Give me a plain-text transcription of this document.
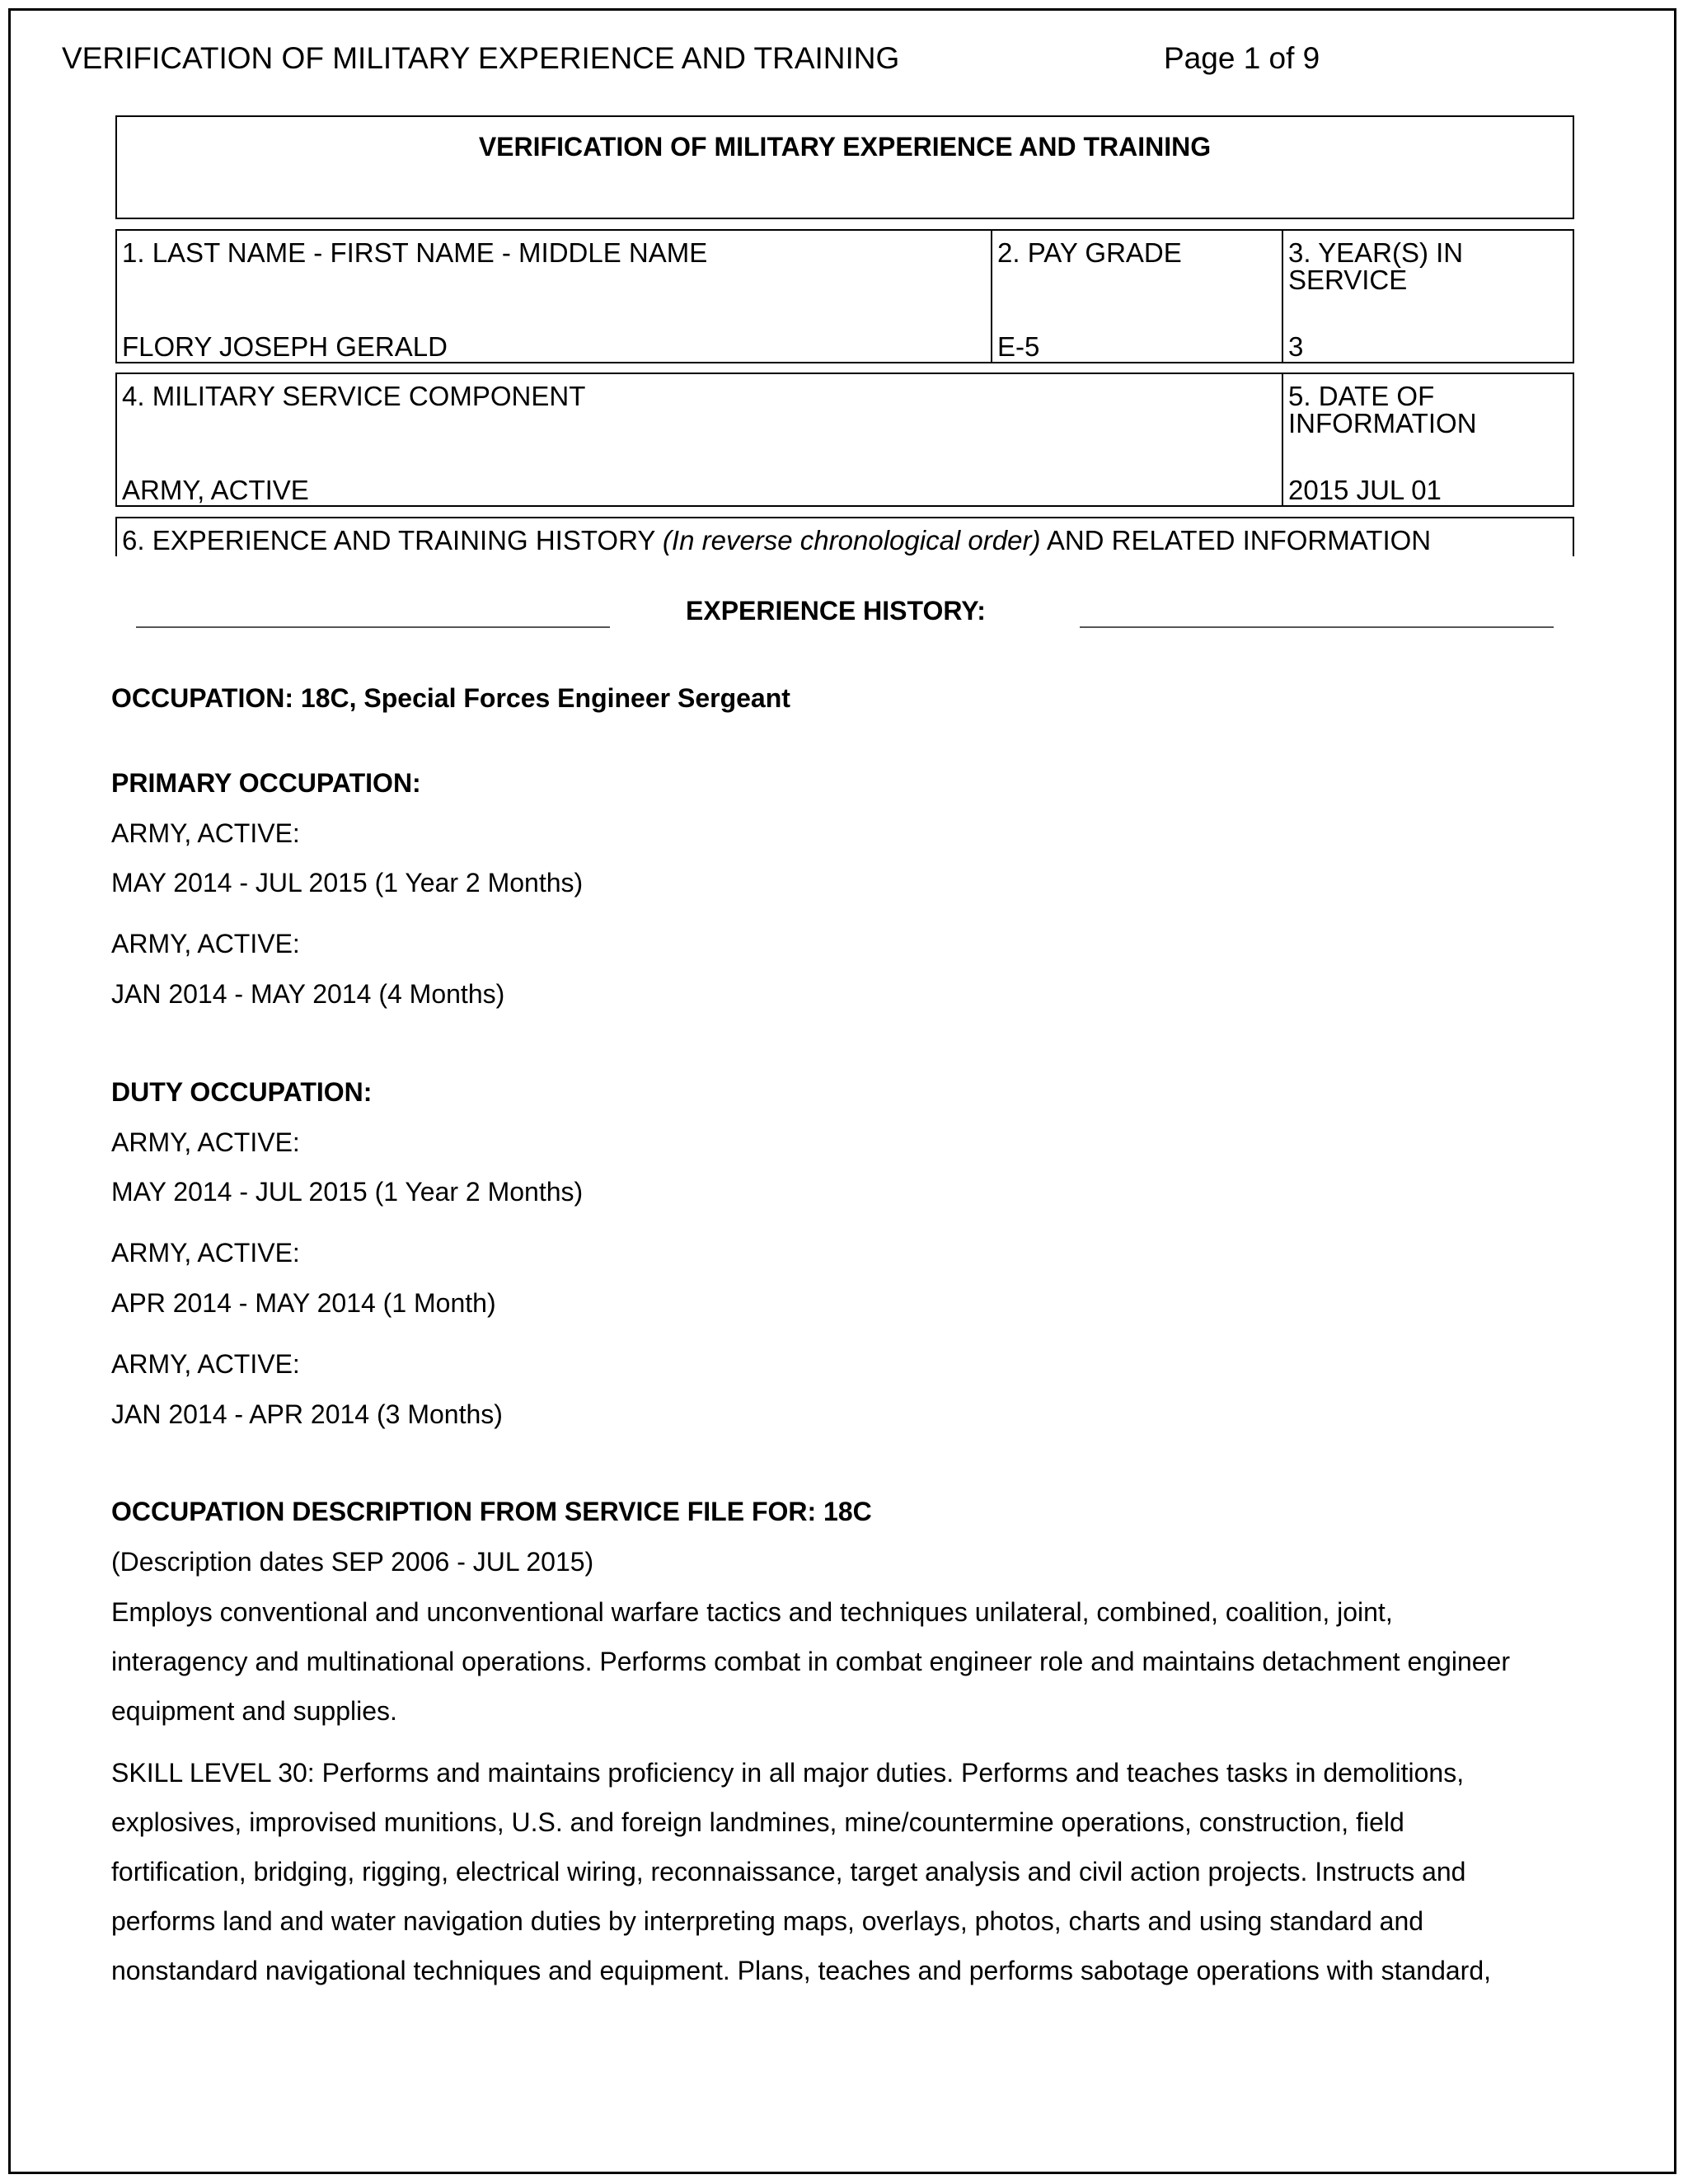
VERIFICATION OF MILITARY EXPERIENCE AND TRAINING	Page 1 of 9
VERIFICATION OF MILITARY EXPERIENCE AND TRAINING
1. LAST NAME - FIRST NAME - MIDDLE NAME
FLORY JOSEPH GERALD
2. PAY GRADE
E-5
3. YEAR(S) IN
SERVICE
3
4. MILITARY SERVICE COMPONENT
ARMY, ACTIVE
5. DATE OF
INFORMATION
2015 JUL 01
6. EXPERIENCE AND TRAINING HISTORY (In reverse chronological order) AND RELATED INFORMATION
EXPERIENCE HISTORY:
OCCUPATION: 18C, Special Forces Engineer Sergeant
PRIMARY OCCUPATION:
ARMY, ACTIVE:
MAY 2014 - JUL 2015 (1 Year 2 Months)
ARMY, ACTIVE:
JAN 2014 - MAY 2014 (4 Months)
DUTY OCCUPATION:
ARMY, ACTIVE:
MAY 2014 - JUL 2015 (1 Year 2 Months)
ARMY, ACTIVE:
APR 2014 - MAY 2014 (1 Month)
ARMY, ACTIVE:
JAN 2014 - APR 2014 (3 Months)
OCCUPATION DESCRIPTION FROM SERVICE FILE FOR: 18C
(Description dates SEP 2006 - JUL 2015)
Employs conventional and unconventional warfare tactics and techniques unilateral, combined, coalition, joint,
interagency and multinational operations. Performs combat in combat engineer role and maintains detachment engineer
equipment and supplies.
SKILL LEVEL 30: Performs and maintains proficiency in all major duties. Performs and teaches tasks in demolitions,
explosives, improvised munitions, U.S. and foreign landmines, mine/countermine operations, construction, field
fortification, bridging, rigging, electrical wiring, reconnaissance, target analysis and civil action projects. Instructs and
performs land and water navigation duties by interpreting maps, overlays, photos, charts and using standard and
nonstandard navigational techniques and equipment. Plans, teaches and performs sabotage operations with standard,
